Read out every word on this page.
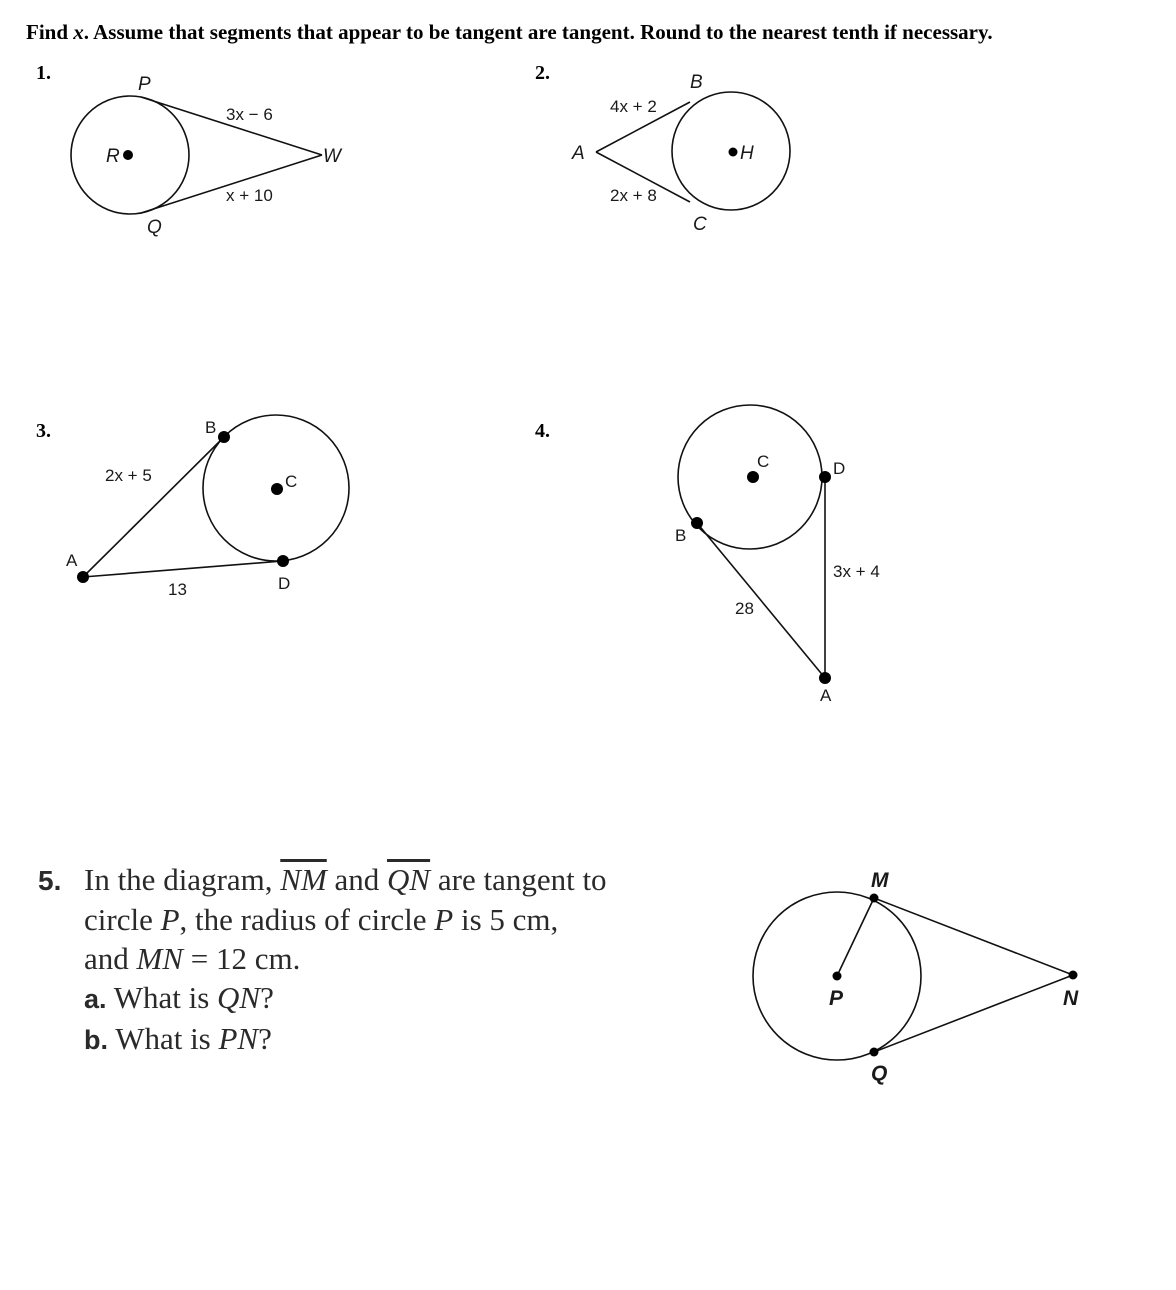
Find x. Assume that segments that appear to be tangent are tangent. Round to the nearest tenth if necessary.
1.	2.
3.	4.
P
R
Q
W
3x − 6
x + 10
A
B
C
H
4x + 2
2x + 8
A
B
C
D
2x + 5
13
B
C	D
A
28
3x + 4
5. In the diagram, $\overline{NM}$ and $\overline{QN}$ are tangent to
circle P, the radius of circle P is 5 cm,
and MN = 12 cm.
a. What is QN?
b. What is PN?
M
P	N
Q
